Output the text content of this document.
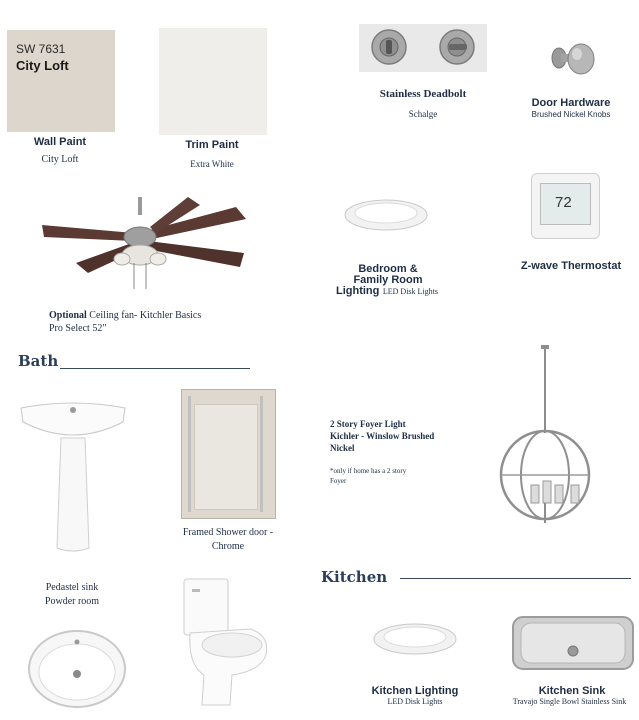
SW 7631
City Loft
Wall Paint
City Loft
Trim Paint
Extra White
Stainless Deadbolt
Schalge
Door Hardware
Brushed Nickel Knobs
Optional Ceiling fan- Kitchler Basics
Pro Select 52"
Bedroom &
Family Room
Lighting LED Disk Lights
72
Z-wave Thermostat
Bath
Pedastel sink
Powder room
Framed Shower door -
Chrome
2 Story Foyer Light
Kichler - Winslow Brushed
Nickel
*only if home has a 2 story
Foyer
Kitchen
Kitchen Lighting
LED Disk Lights
Kitchen Sink
Travajo Single Bowl Stainless Sink
